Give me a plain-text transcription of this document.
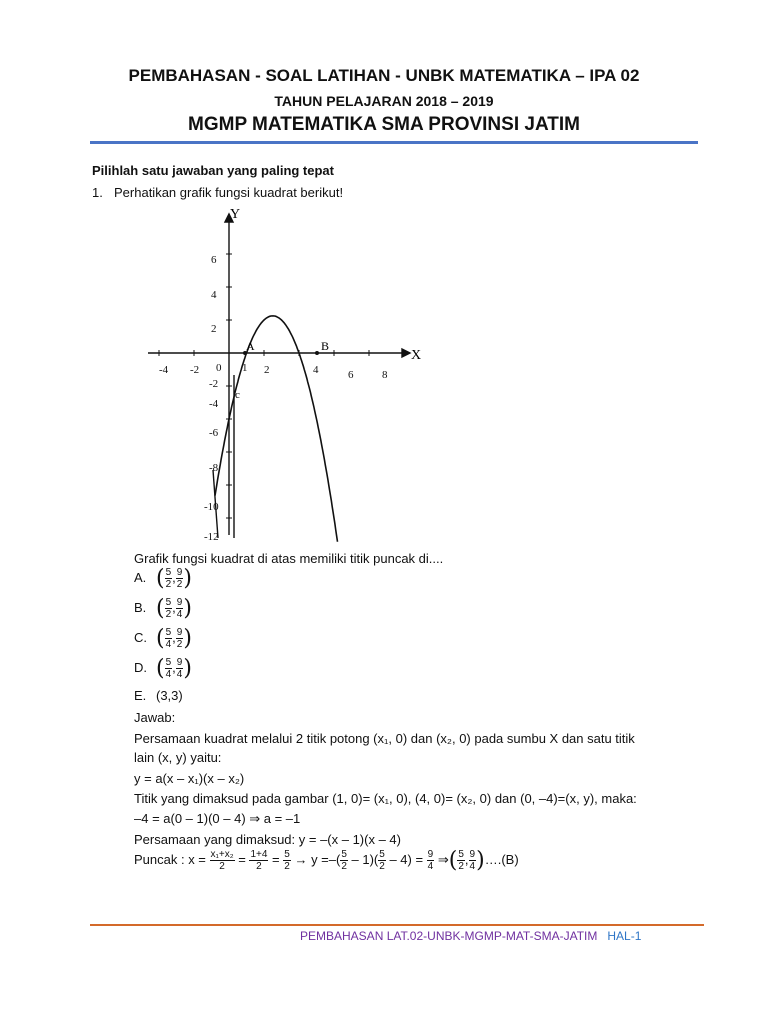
PEMBAHASAN - SOAL LATIHAN - UNBK MATEMATIKA – IPA 02
TAHUN PELAJARAN 2018 – 2019
MGMP MATEMATIKA SMA PROVINSI JATIM
Pilihlah satu jawaban yang paling tepat
1. Perhatikan grafik fungsi kuadrat berikut!
Y
X
A	B
c
6
4
2
-2
-4
-6
-8
-10
-12
-4 -2 0 1 2	4	6	8
Grafik fungsi kuadrat di atas memiliki titik puncak di....
A. ( $\frac{5}{2}$ , $\frac{9}{2}$ )
B. ( $\frac{5}{2}$ , $\frac{9}{4}$ )
C. ( $\frac{5}{4}$ , $\frac{9}{2}$ )
D. ( $\frac{5}{4}$ , $\frac{9}{4}$ )
E. (3,3)
Jawab:
Persamaan kuadrat melalui 2 titik potong (x₁, 0) dan (x₂, 0) pada sumbu X dan satu titik
lain (x, y) yaitu:
y = a(x – x₁)(x – x₂)
Titik yang dimaksud pada gambar (1, 0)= (x₁, 0), (4, 0)= (x₂, 0) dan (0, –4)=(x, y), maka:
–4 = a(0 – 1)(0 – 4) ⇒ a = –1
Persamaan yang dimaksud: y = –(x – 1)(x – 4)
Puncak : $x = \frac{\text{x₁+x₂}}{2} = \frac{1+4}{2} = \frac{5}{2} \to y$ =–( $\frac{5}{2} - 1)( \frac{5}{2} - 4) = \frac{9}{4}$ ⇒( $\frac{5}{2}$ , $\frac{9}{4}$ )….(B)
PEMBAHASAN LAT.02-UNBK-MGMP-MAT-SMA-JATIM HAL-1
